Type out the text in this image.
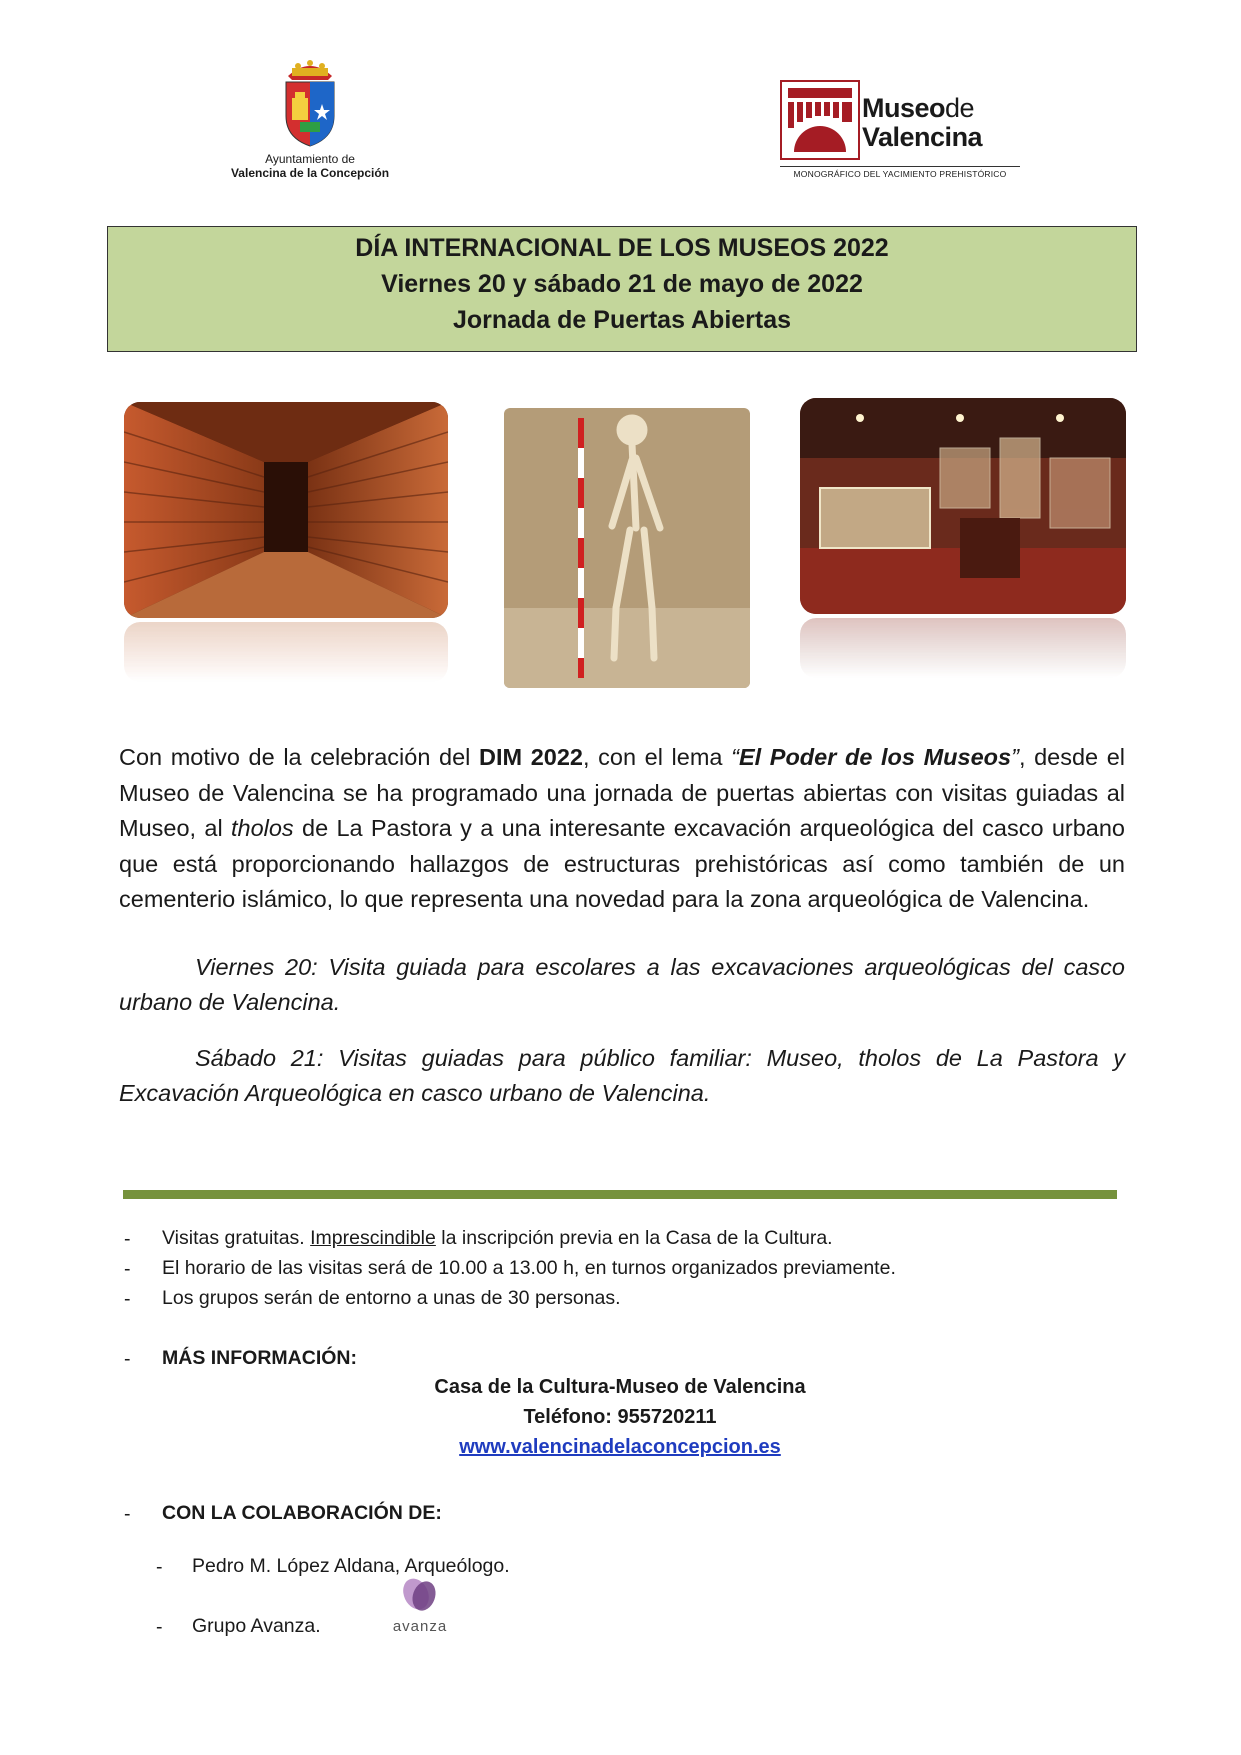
Ayuntamiento de
Valencina de la Concepción
Museode
Valencina
MONOGRÁFICO DEL YACIMIENTO PREHISTÓRICO
DÍA INTERNACIONAL DE LOS MUSEOS 2022
Viernes 20 y sábado 21 de mayo de 2022
Jornada de Puertas Abiertas

Con motivo de la celebración del DIM 2022, con el lema “El Poder de los Museos”, desde el Museo de Valencina se ha programado una jornada de puertas abiertas con visitas guiadas al Museo, al tholos de La Pastora y a una interesante excavación arqueológica del casco urbano que está proporcionando hallazgos de estructuras prehistóricas así como también de un cementerio islámico, lo que representa una novedad para la zona arqueológica de Valencina.

Viernes 20: Visita guiada para escolares a las excavaciones arqueológicas del casco urbano de Valencina.

Sábado 21: Visitas guiadas para público familiar: Museo, tholos de La Pastora y Excavación Arqueológica en casco urbano de Valencina.

- Visitas gratuitas. Imprescindible la inscripción previa en la Casa de la Cultura.
- El horario de las visitas será de 10.00 a 13.00 h, en turnos organizados previamente.
- Los grupos serán de entorno a unas de 30 personas.
- MÁS INFORMACIÓN:
Casa de la Cultura-Museo de Valencina
Teléfono: 955720211
www.valencinadelaconcepcion.es
- CON LA COLABORACIÓN DE:
- Pedro M. López Aldana, Arqueólogo.
- Grupo Avanza.	avanza
